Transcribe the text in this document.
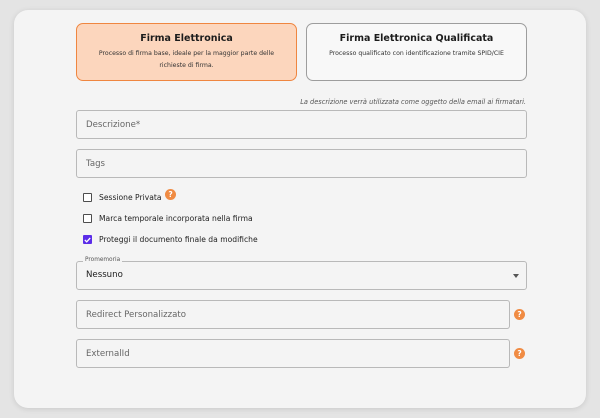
Firma Elettronica
Processo di firma base, ideale per la maggior parte delle richieste di firma.
Firma Elettronica Qualificata
Processo qualificato con identificazione tramite SPID/CIE
La descrizione verrà utilizzata come oggetto della email ai firmatari.
Descrizione*
Tags
Sessione Privata ?
Marca temporale incorporata nella firma
Proteggi il documento finale da modifiche
Promemoria
Nessuno
Redirect Personalizzato	?
ExternalId	?
